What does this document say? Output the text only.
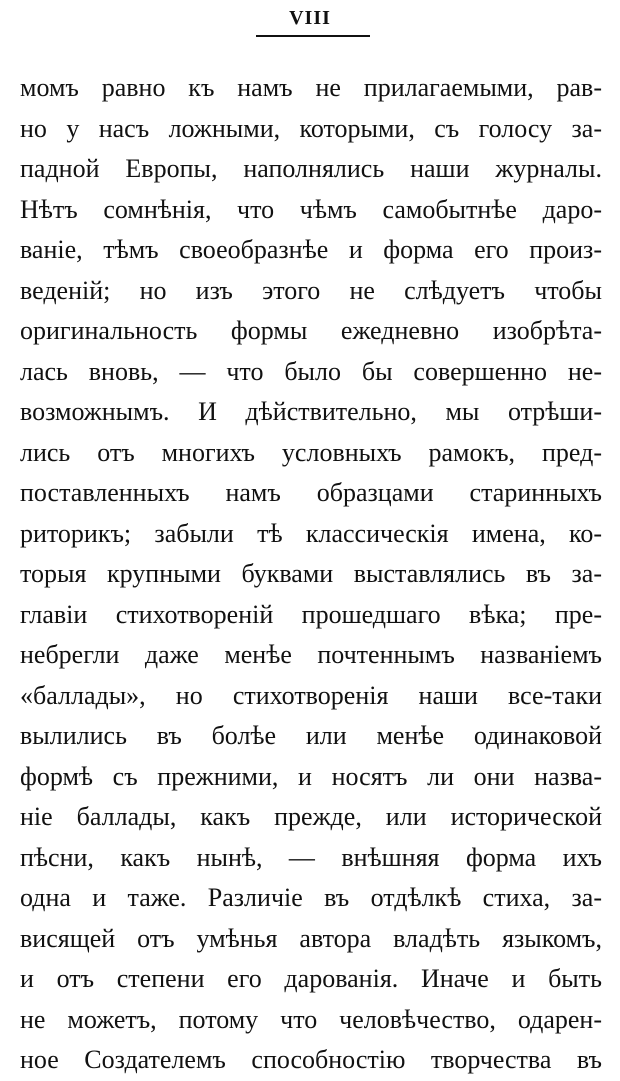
VIII
момъ равно къ намъ не прилагаемыми, рав-
но у насъ ложными, которыми, съ голосу за-
падной Европы, наполнялись наши журналы.
Нѣтъ сомнѣнія, что чѣмъ самобытнѣе даро-
ваніе, тѣмъ своеобразнѣе и форма его произ-
веденій; но изъ этого не слѣдуетъ чтобы
оригинальность формы ежедневно изобрѣта-
лась вновь, — что было бы совершенно не-
возможнымъ. И дѣйствительно, мы отрѣши-
лись отъ многихъ условныхъ рамокъ, пред-
поставленныхъ намъ образцами старинныхъ
риторикъ; забыли тѣ классическія имена, ко-
торыя крупными буквами выставлялись въ за-
главіи стихотвореній прошедшаго вѣка; пре-
небрегли даже менѣе почтеннымъ названіемъ
«баллады», но стихотворенія наши все-таки
вылились въ болѣе или менѣе одинаковой
формѣ съ прежними, и носятъ ли они назва-
ніе баллады, какъ прежде, или исторической
пѣсни, какъ нынѣ, — внѣшняя форма ихъ
одна и таже. Различіе въ отдѣлкѣ стиха, за-
висящей отъ умѣнья автора владѣть языкомъ,
и отъ степени его дарованія. Иначе и быть
не можетъ, потому что человѣчество, одарен-
ное Создателемъ способностію творчества въ
